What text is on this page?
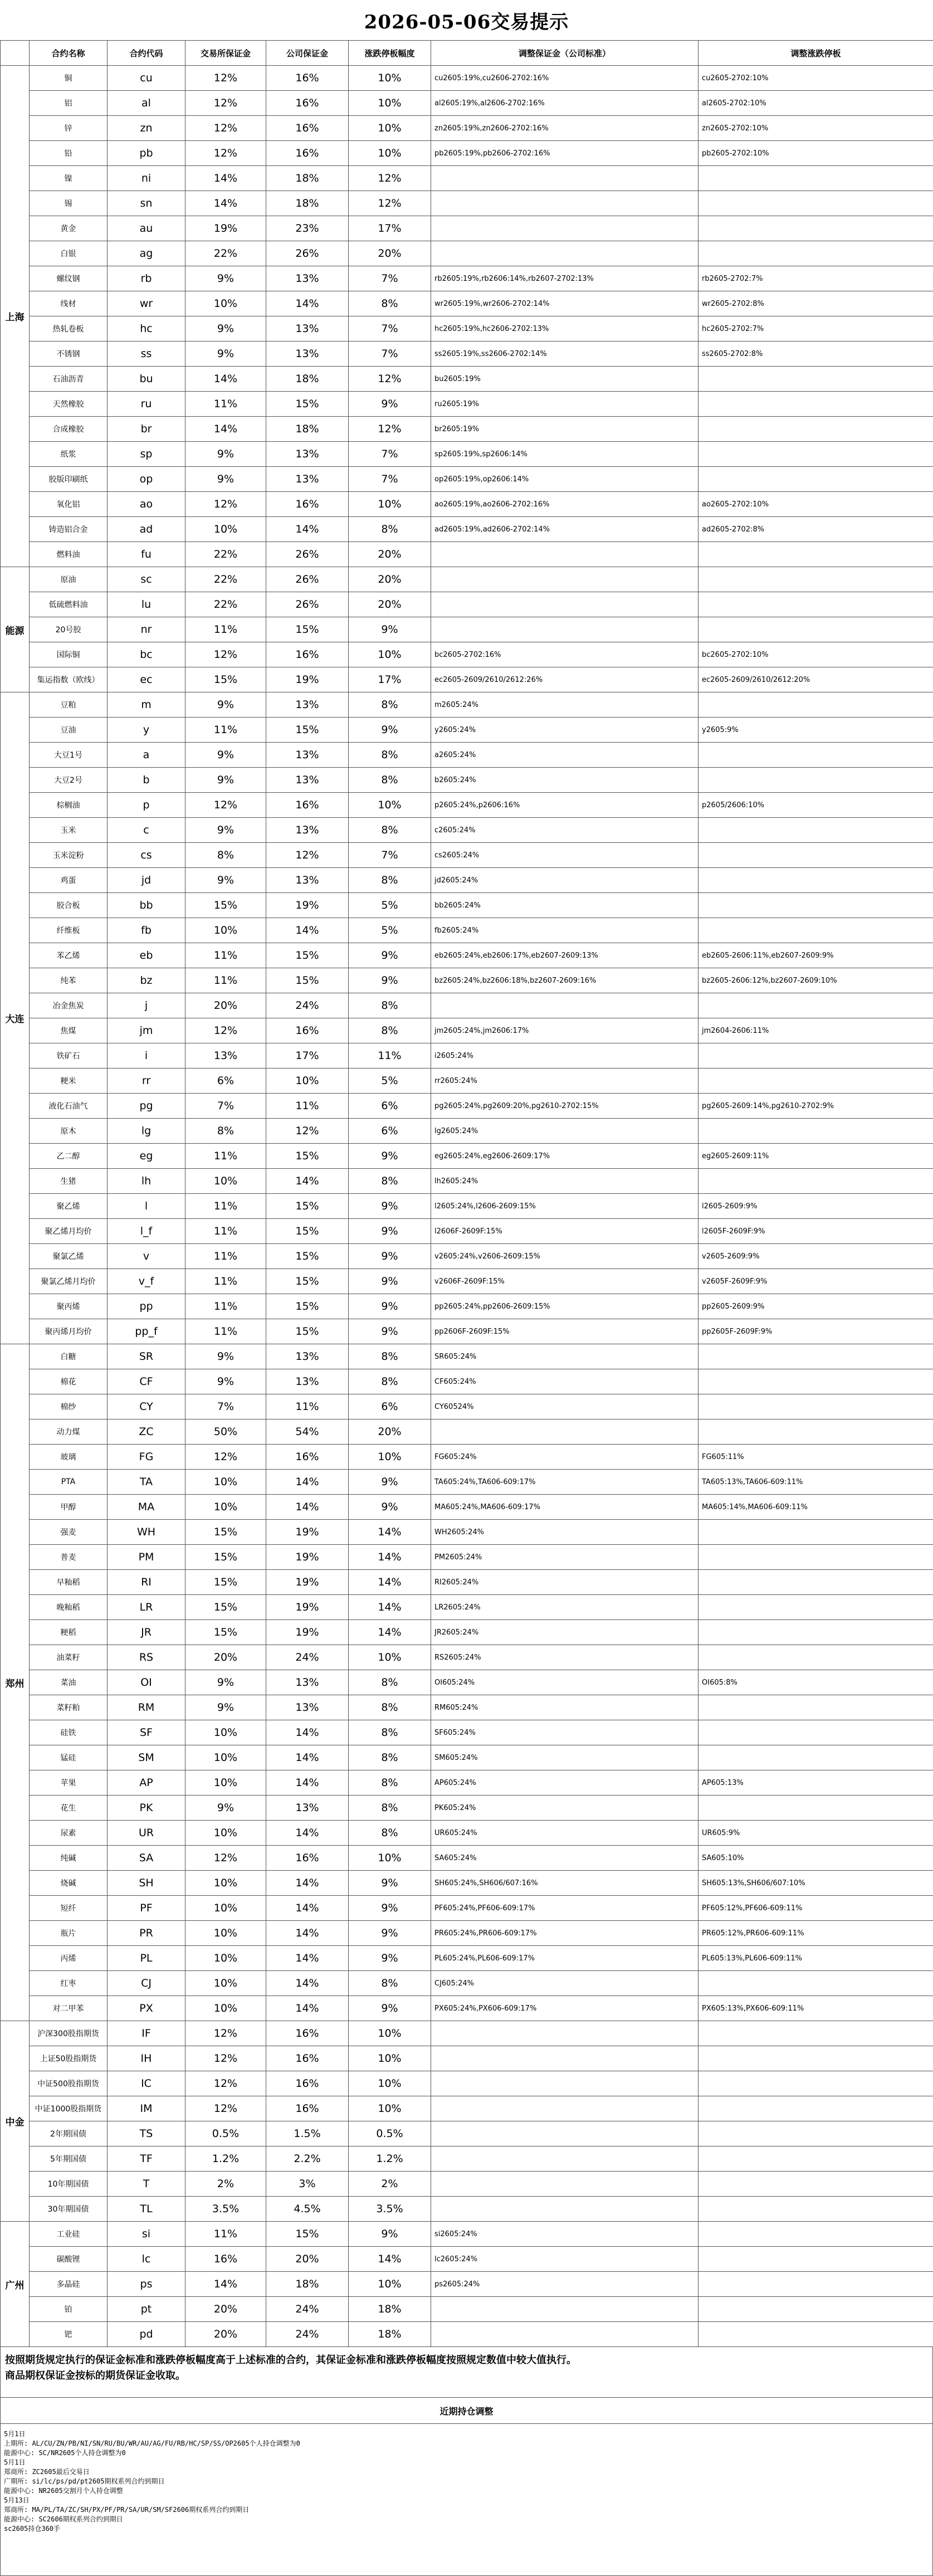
2026-05-06交易提示
	合约名称	合约代码	交易所保证金	公司保证金	涨跌停板幅度	调整保证金（公司标准）	调整涨跌停板
上海	铜	cu	12%	16%	10%	cu2605:19%,cu2606-2702:16%	cu2605-2702:10%
	铝	al	12%	16%	10%	al2605:19%,al2606-2702:16%	al2605-2702:10%
	锌	zn	12%	16%	10%	zn2605:19%,zn2606-2702:16%	zn2605-2702:10%
	铅	pb	12%	16%	10%	pb2605:19%,pb2606-2702:16%	pb2605-2702:10%
	镍	ni	14%	18%	12%		
	锡	sn	14%	18%	12%		
	黄金	au	19%	23%	17%		
	白银	ag	22%	26%	20%		
	螺纹钢	rb	9%	13%	7%	rb2605:19%,rb2606:14%,rb2607-2702:13%	rb2605-2702:7%
	线材	wr	10%	14%	8%	wr2605:19%,wr2606-2702:14%	wr2605-2702:8%
	热轧卷板	hc	9%	13%	7%	hc2605:19%,hc2606-2702:13%	hc2605-2702:7%
	不锈钢	ss	9%	13%	7%	ss2605:19%,ss2606-2702:14%	ss2605-2702:8%
	石油沥青	bu	14%	18%	12%	bu2605:19%	
	天然橡胶	ru	11%	15%	9%	ru2605:19%	
	合成橡胶	br	14%	18%	12%	br2605:19%	
	纸浆	sp	9%	13%	7%	sp2605:19%,sp2606:14%	
	胶版印刷纸	op	9%	13%	7%	op2605:19%,op2606:14%	
	氧化铝	ao	12%	16%	10%	ao2605:19%,ao2606-2702:16%	ao2605-2702:10%
	铸造铝合金	ad	10%	14%	8%	ad2605:19%,ad2606-2702:14%	ad2605-2702:8%
	燃料油	fu	22%	26%	20%		
能源	原油	sc	22%	26%	20%		
	低硫燃料油	lu	22%	26%	20%		
	20号胶	nr	11%	15%	9%		
	国际铜	bc	12%	16%	10%	bc2605-2702:16%	bc2605-2702:10%
	集运指数（欧线）	ec	15%	19%	17%	ec2605-2609/2610/2612:26%	ec2605-2609/2610/2612:20%
大连	豆粕	m	9%	13%	8%	m2605:24%	
	豆油	y	11%	15%	9%	y2605:24%	y2605:9%
	大豆1号	a	9%	13%	8%	a2605:24%	
	大豆2号	b	9%	13%	8%	b2605:24%	
	棕榈油	p	12%	16%	10%	p2605:24%,p2606:16%	p2605/2606:10%
	玉米	c	9%	13%	8%	c2605:24%	
	玉米淀粉	cs	8%	12%	7%	cs2605:24%	
	鸡蛋	jd	9%	13%	8%	jd2605:24%	
	胶合板	bb	15%	19%	5%	bb2605:24%	
	纤维板	fb	10%	14%	5%	fb2605:24%	
	苯乙烯	eb	11%	15%	9%	eb2605:24%,eb2606:17%,eb2607-2609:13%	eb2605-2606:11%,eb2607-2609:9%
	纯苯	bz	11%	15%	9%	bz2605:24%,bz2606:18%,bz2607-2609:16%	bz2605-2606:12%,bz2607-2609:10%
	冶金焦炭	j	20%	24%	8%		
	焦煤	jm	12%	16%	8%	jm2605:24%,jm2606:17%	jm2604-2606:11%
	铁矿石	i	13%	17%	11%	i2605:24%	
	粳米	rr	6%	10%	5%	rr2605:24%	
	液化石油气	pg	7%	11%	6%	pg2605:24%,pg2609:20%,pg2610-2702:15%	pg2605-2609:14%,pg2610-2702:9%
	原木	lg	8%	12%	6%	lg2605:24%	
	乙二醇	eg	11%	15%	9%	eg2605:24%,eg2606-2609:17%	eg2605-2609:11%
	生猪	lh	10%	14%	8%	lh2605:24%	
	聚乙烯	l	11%	15%	9%	l2605:24%,l2606-2609:15%	l2605-2609:9%
	聚乙烯月均价	l_f	11%	15%	9%	l2606F-2609F:15%	l2605F-2609F:9%
	聚氯乙烯	v	11%	15%	9%	v2605:24%,v2606-2609:15%	v2605-2609:9%
	聚氯乙烯月均价	v_f	11%	15%	9%	v2606F-2609F:15%	v2605F-2609F:9%
	聚丙烯	pp	11%	15%	9%	pp2605:24%,pp2606-2609:15%	pp2605-2609:9%
	聚丙烯月均价	pp_f	11%	15%	9%	pp2606F-2609F:15%	pp2605F-2609F:9%
郑州	白糖	SR	9%	13%	8%	SR605:24%	
	棉花	CF	9%	13%	8%	CF605:24%	
	棉纱	CY	7%	11%	6%	CY60524%	
	动力煤	ZC	50%	54%	20%		
	玻璃	FG	12%	16%	10%	FG605:24%	FG605:11%
	PTA	TA	10%	14%	9%	TA605:24%,TA606-609:17%	TA605:13%,TA606-609:11%
	甲醇	MA	10%	14%	9%	MA605:24%,MA606-609:17%	MA605:14%,MA606-609:11%
	强麦	WH	15%	19%	14%	WH2605:24%	
	普麦	PM	15%	19%	14%	PM2605:24%	
	早籼稻	RI	15%	19%	14%	RI2605:24%	
	晚籼稻	LR	15%	19%	14%	LR2605:24%	
	粳稻	JR	15%	19%	14%	JR2605:24%	
	油菜籽	RS	20%	24%	10%	RS2605:24%	
	菜油	OI	9%	13%	8%	OI605:24%	OI605:8%
	菜籽粕	RM	9%	13%	8%	RM605:24%	
	硅铁	SF	10%	14%	8%	SF605:24%	
	锰硅	SM	10%	14%	8%	SM605:24%	
	苹果	AP	10%	14%	8%	AP605:24%	AP605:13%
	花生	PK	9%	13%	8%	PK605:24%	
	尿素	UR	10%	14%	8%	UR605:24%	UR605:9%
	纯碱	SA	12%	16%	10%	SA605:24%	SA605:10%
	烧碱	SH	10%	14%	9%	SH605:24%,SH606/607:16%	SH605:13%,SH606/607:10%
	短纤	PF	10%	14%	9%	PF605:24%,PF606-609:17%	PF605:12%,PF606-609:11%
	瓶片	PR	10%	14%	9%	PR605:24%,PR606-609:17%	PR605:12%,PR606-609:11%
	丙烯	PL	10%	14%	9%	PL605:24%,PL606-609:17%	PL605:13%,PL606-609:11%
	红枣	CJ	10%	14%	8%	CJ605:24%	
	对二甲苯	PX	10%	14%	9%	PX605:24%,PX606-609:17%	PX605:13%,PX606-609:11%
中金	沪深300股指期货	IF	12%	16%	10%		
	上证50股指期货	IH	12%	16%	10%		
	中证500股指期货	IC	12%	16%	10%		
	中证1000股指期货	IM	12%	16%	10%		
	2年期国债	TS	0.5%	1.5%	0.5%		
	5年期国债	TF	1.2%	2.2%	1.2%		
	10年期国债	T	2%	3%	2%		
	30年期国债	TL	3.5%	4.5%	3.5%		
广州	工业硅	si	11%	15%	9%	si2605:24%	
	碳酸锂	lc	16%	20%	14%	lc2605:24%	
	多晶硅	ps	14%	18%	10%	ps2605:24%	
	铂	pt	20%	24%	18%		
	钯	pd	20%	24%	18%		
按照期货规定执行的保证金标准和涨跌停板幅度高于上述标准的合约，其保证金标准和涨跌停板幅度按照规定数值中较大值执行。
商品期权保证金按标的期货保证金收取。
近期持仓调整
5月1日
上期所: AL/CU/ZN/PB/NI/SN/RU/BU/WR/AU/AG/FU/RB/HC/SP/SS/OP2605个人持仓调整为0
能源中心: SC/NR2605个人持仓调整为0
5月1日
郑商所: ZC2605最后交易日
广期所: si/lc/ps/pd/pt2605期权系列合约到期日
能源中心: NR2605交割月个人持仓调整
5月13日
郑商所: MA/PL/TA/ZC/SH/PX/PF/PR/SA/UR/SM/SF2606期权系列合约到期日
能源中心: SC2606期权系列合约到期日
sc2605持仓360手
